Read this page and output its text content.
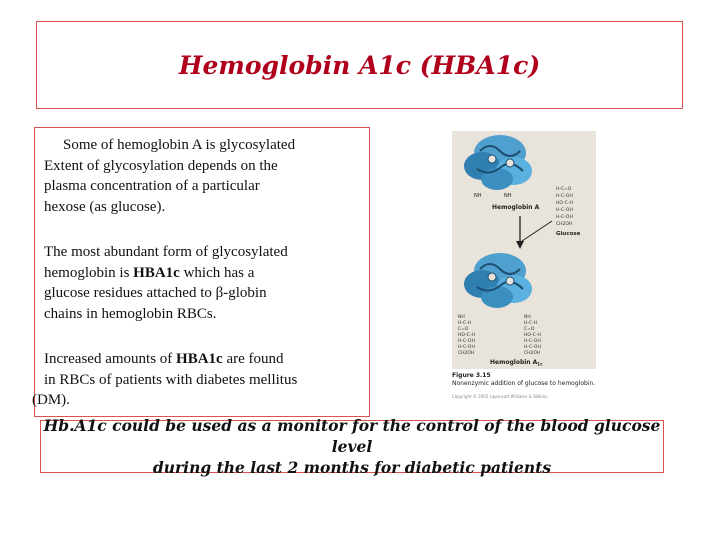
Hemoglobin A1c (HBA1c)

Some of hemoglobin A is glycosylated
Extent of glycosylation depends on the
plasma concentration of a particular
hexose (as glucose).

The most abundant form of glycosylated
hemoglobin is HBA1c which has a
glucose residues attached to β-globin
chains in hemoglobin RBCs.

Increased amounts of HBA1c are found
in RBCs of patients with diabetes mellitus
(DM).

NH	NH
Hemoglobin A
H-C=O
H-C-OH
HO-C-H
H-C-OH
H-C-OH
CH2OH
Glucose
NH
H-C-H
C=O
HO-C-H
H-C-OH
H-C-OH
CH2OH
NH
H-C-H
C=O
HO-C-H
H-C-OH
H-C-OH
CH2OH
Hemoglobin $A_{1c}$
Figure 3.15
Nonenzymic addition of glucose to hemoglobin.
Copyright © 2005 Lippincott Williams & Wilkins

Hb.A1c could be used as a monitor for the control of the blood glucose level
during the last 2 months for diabetic patients
